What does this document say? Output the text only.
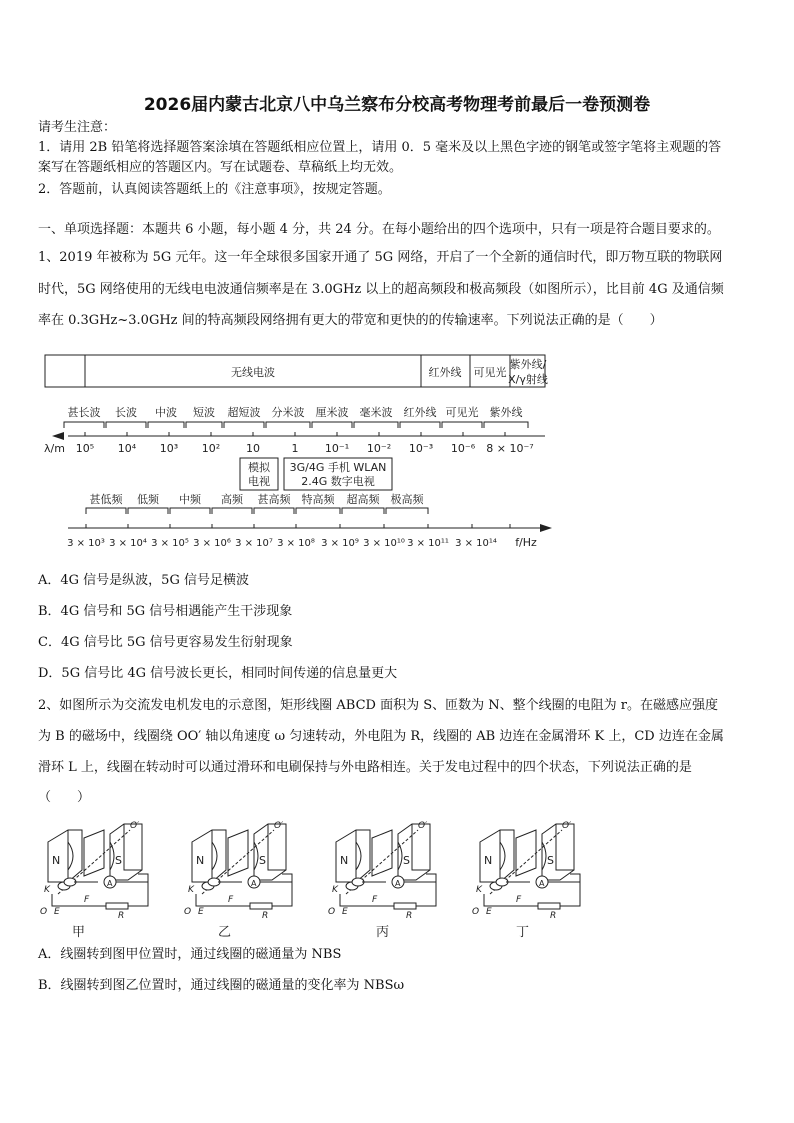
2026届内蒙古北京八中乌兰察布分校高考物理考前最后一卷预测卷
请考生注意：
1．请用 2B 铅笔将选择题答案涂填在答题纸相应位置上，请用 0．5 毫米及以上黑色字迹的钢笔或签字笔将主观题的答
案写在答题纸相应的答题区内。写在试题卷、草稿纸上均无效。
2．答题前，认真阅读答题纸上的《注意事项》，按规定答题。
一、单项选择题：本题共 6 小题，每小题 4 分，共 24 分。在每小题给出的四个选项中，只有一项是符合题目要求的。
1、2019 年被称为 5G 元年。这一年全球很多国家开通了 5G 网络，开启了一个全新的通信时代，即万物互联的物联网
时代，5G 网络使用的无线电电波通信频率是在 3.0GHz 以上的超高频段和极高频段（如图所示），比目前 4G 及通信频
率在 0.3GHz~3.0GHz 间的特高频段网络拥有更大的带宽和更快的的传输速率。下列说法正确的是（　　）
无线电波	红外线 可见光
紫外线/
X/γ射线
甚长波 长波 中波 短波 超短波 分米波 厘米波 毫米波 红外线 可见光 紫外线
λ/m 10⁵ 10⁴ 10³ 10² 10	1 10⁻¹ 10⁻² 10⁻³ 10⁻⁶ 8 × 10⁻⁷
模拟
电视
3G/4G 手机 WLAN
2.4G 数字电视
甚低频 低频 中频 高频 甚高频 特高频 超高频 极高频
3 × 10³ 3 × 10⁴ 3 × 10⁵ 3 × 10⁶ 3 × 10⁷ 3 × 10⁸ 3 × 10⁹ 3 × 10¹⁰ 3 × 10¹¹ 3 × 10¹⁴ f/Hz
A．4G 信号是纵波，5G 信号足横波
B．4G 信号和 5G 信号相遇能产生干涉现象
C．4G 信号比 5G 信号更容易发生衍射现象
D．5G 信号比 4G 信号波长更长，相同时间传递的信息量更大
2、如图所示为交流发电机发电的示意图，矩形线圈 ABCD 面积为 S、匝数为 N、整个线圈的电阻为 r。在磁感应强度
为 B 的磁场中，线圈绕 OO′ 轴以角速度 ω 匀速转动，外电阻为 R，线圈的 AB 边连在金属滑环 K 上，CD 边连在金属
滑环 L 上，线圈在转动时可以通过滑环和电刷保持与外电路相连。关于发电过程中的四个状态，下列说法正确的是
（　　）
甲	乙	丙	丁
A．线圈转到图甲位置时，通过线圈的磁通量为 NBS
B．线圈转到图乙位置时，通过线圈的磁通量的变化率为 NBSω
